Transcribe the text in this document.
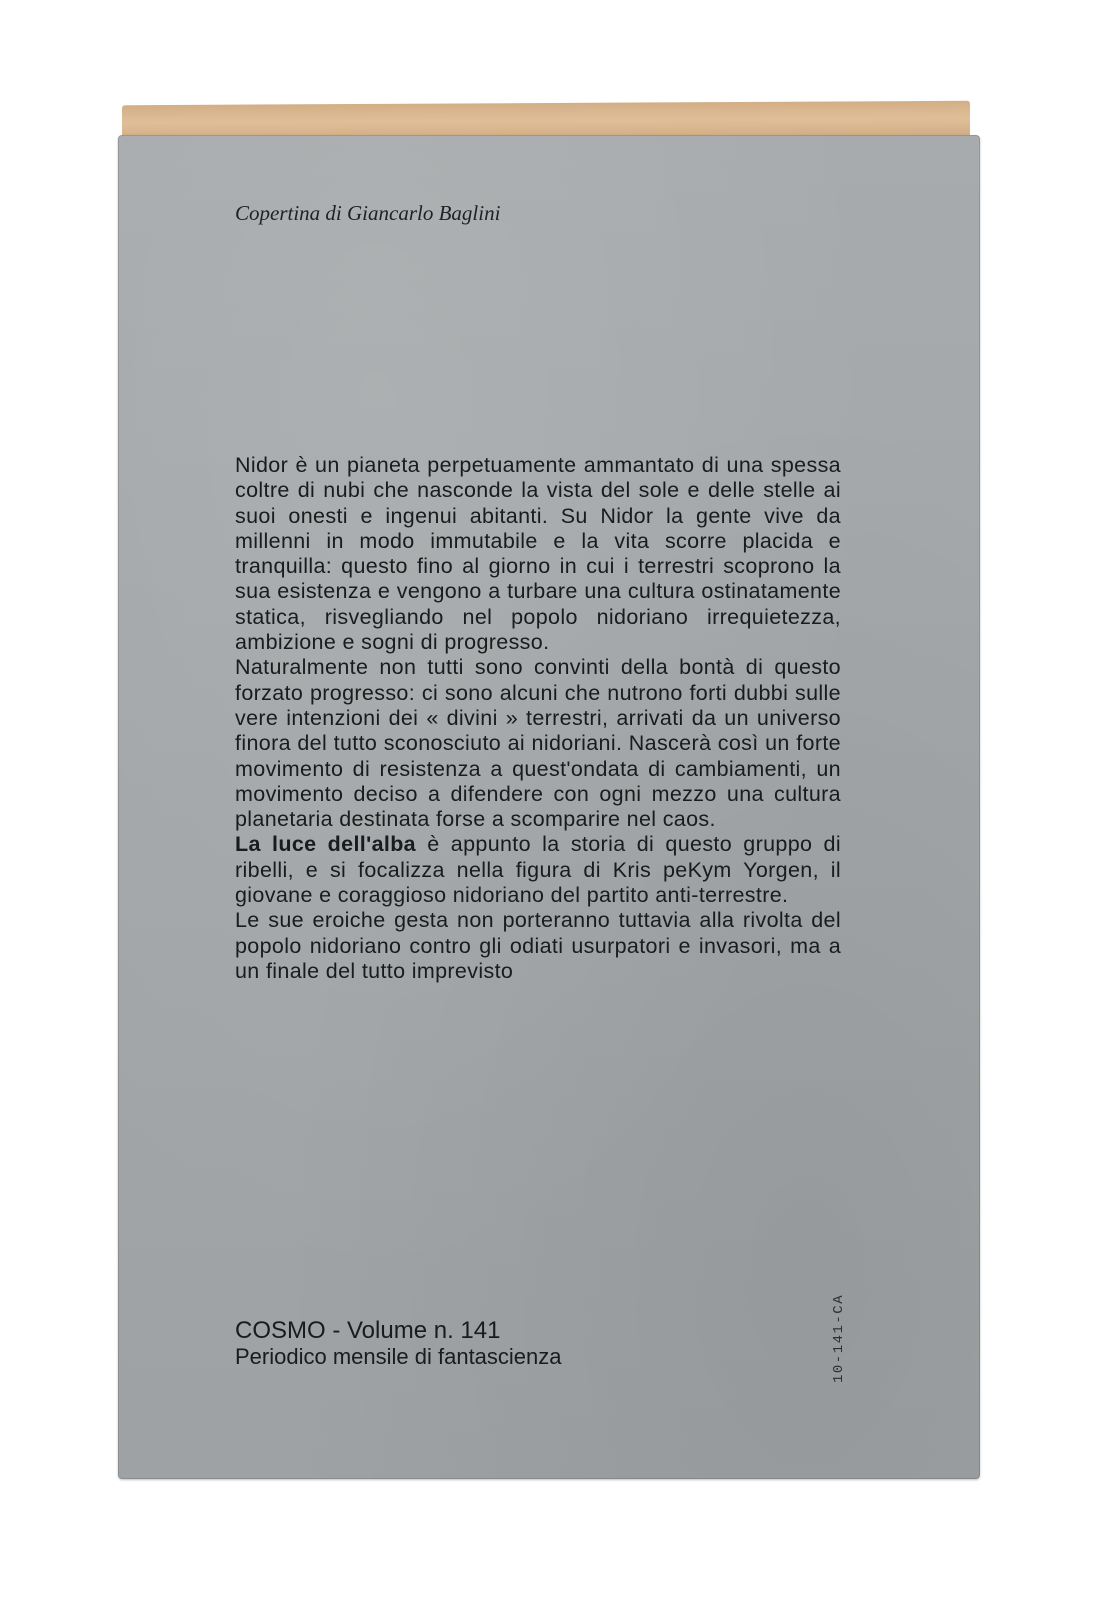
Copertina di Giancarlo Baglini

Nidor è un pianeta perpetuamente ammantato di una spessa coltre di nubi che nasconde la vista del sole e delle stelle ai suoi onesti e ingenui abitanti. Su Nidor la gente vive da millenni in modo immutabile e la vita scorre placida e tranquilla: questo fino al giorno in cui i terrestri scoprono la sua esistenza e vengono a turbare una cultura ostinatamente statica, risvegliando nel popolo nidoriano irrequietezza, ambizione e sogni di progresso.

Naturalmente non tutti sono convinti della bontà di questo forzato progresso: ci sono alcuni che nutrono forti dubbi sulle vere intenzioni dei « divini » terrestri, arrivati da un universo finora del tutto sconosciuto ai nidoriani. Nascerà così un forte movimento di resistenza a quest'ondata di cambiamenti, un movimento deciso a difendere con ogni mezzo una cultura planetaria destinata forse a scomparire nel caos.

La luce dell'alba è appunto la storia di questo gruppo di ribelli, e si focalizza nella figura di Kris peKym Yorgen, il giovane e coraggioso nidoriano del partito anti-terrestre.

Le sue eroiche gesta non porteranno tuttavia alla rivolta del popolo nidoriano contro gli odiati usurpatori e invasori, ma a un finale del tutto imprevisto

COSMO - Volume n. 141
Periodico mensile di fantascienza	10-141-CA
